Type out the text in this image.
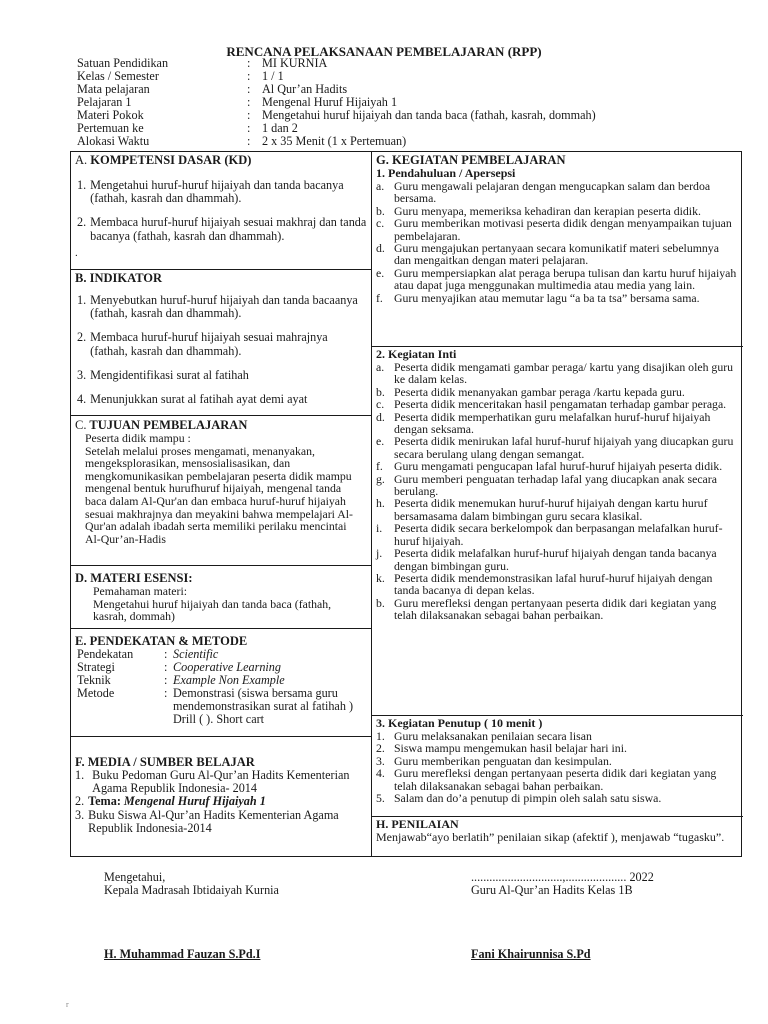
RENCANA PELAKSANAAN PEMBELAJARAN (RPP)
Satuan Pendidikan	: MI KURNIA
Kelas / Semester	: 1 / 1
Mata pelajaran	: Al Qur’an Hadits
Pelajaran 1	: Mengenal Huruf Hijaiyah 1
Materi Pokok	: Mengetahui huruf hijaiyah dan tanda baca (fathah, kasrah, dommah)
Pertemuan ke	: 1 dan 2
Alokasi Waktu	: 2 x 35 Menit (1 x Pertemuan)
A. KOMPETENSI DASAR (KD)
1. Mengetahui huruf-huruf hijaiyah dan tanda bacanya (fathah, kasrah dan dhammah).
2. Membaca huruf-huruf hijaiyah sesuai makhraj dan tanda bacanya (fathah, kasrah dan dhammah).
.
B. INDIKATOR
1. Menyebutkan huruf-huruf hijaiyah dan tanda bacaanya (fathah, kasrah dan dhammah).
2. Membaca huruf-huruf hijaiyah sesuai mahrajnya (fathah, kasrah dan dhammah).
3. Mengidentifikasi surat al fatihah
4. Menunjukkan surat al fatihah ayat demi ayat
C. TUJUAN PEMBELAJARAN
Peserta didik mampu :
Setelah melalui proses mengamati, menanyakan, mengeksplorasikan, mensosialisasikan, dan mengkomunikasikan pembelajaran peserta didik mampu mengenal bentuk hurufhuruf hijaiyah, mengenal tanda baca dalam Al-Qur'an dan embaca huruf-huruf hijaiyah sesuai makhrajnya dan meyakini bahwa mempelajari Al-Qur'an adalah ibadah serta memiliki perilaku mencintai Al-Qur’an-Hadis
D. MATERI ESENSI:
Pemahaman materi:
Mengetahui huruf hijaiyah dan tanda baca (fathah, kasrah, dommah)
E. PENDEKATAN & METODE
Pendekatan	: Scientific
Strategi	: Cooperative Learning
Teknik	: Example Non Example
Metode	: Demonstrasi (siswa bersama guru mendemonstrasikan surat al fatihah ) Drill ( ). Short cart
F. MEDIA / SUMBER BELAJAR
1. Buku Pedoman Guru Al-Qur’an Hadits Kementerian Agama Republik Indonesia- 2014
2. Tema: Mengenal Huruf Hijaiyah 1
3. Buku Siswa Al-Qur’an Hadits Kementerian Agama Republik Indonesia-2014
G. KEGIATAN PEMBELAJARAN
1. Pendahuluan / Apersepsi
a. Guru mengawali pelajaran dengan mengucapkan salam dan berdoa bersama.
b. Guru menyapa, memeriksa kehadiran dan kerapian peserta didik.
c. Guru memberikan motivasi peserta didik dengan menyampaikan tujuan pembelajaran.
d. Guru mengajukan pertanyaan secara komunikatif materi sebelumnya dan mengaitkan dengan materi pelajaran.
e. Guru mempersiapkan alat peraga berupa tulisan dan kartu huruf hijaiyah atau dapat juga menggunakan multimedia atau media yang lain.
f. Guru menyajikan atau memutar lagu “a ba ta tsa” bersama sama.
2. Kegiatan Inti
a. Peserta didik mengamati gambar peraga/ kartu yang disajikan oleh guru ke dalam kelas.
b. Peserta didik menanyakan gambar peraga /kartu kepada guru.
c. Peserta didik menceritakan hasil pengamatan terhadap gambar peraga.
d. Peserta didik memperhatikan guru melafalkan huruf-huruf hijaiyah dengan seksama.
e. Peserta didik menirukan lafal huruf-huruf hijaiyah yang diucapkan guru secara berulang ulang dengan semangat.
f. Guru mengamati pengucapan lafal huruf-huruf hijaiyah peserta didik.
g. Guru memberi penguatan terhadap lafal yang diucapkan anak secara berulang.
h. Peserta didik menemukan huruf-huruf hijaiyah dengan kartu huruf bersamasama dalam bimbingan guru secara klasikal.
i. Peserta didik secara berkelompok dan berpasangan melafalkan huruf-huruf hijaiyah.
j. Peserta didik melafalkan huruf-huruf hijaiyah dengan tanda bacanya dengan bimbingan guru.
k. Peserta didik mendemonstrasikan lafal huruf-huruf hijaiyah dengan tanda bacanya di depan kelas.
b. Guru merefleksi dengan pertanyaan peserta didik dari kegiatan yang telah dilaksanakan sebagai bahan perbaikan.
3. Kegiatan Penutup ( 10 menit )
1. Guru melaksanakan penilaian secara lisan
2. Siswa mampu mengemukan hasil belajar hari ini.
3. Guru memberikan penguatan dan kesimpulan.
4. Guru merefleksi dengan pertanyaan peserta didik dari kegiatan yang telah dilaksanakan sebagai bahan perbaikan.
5. Salam dan do’a penutup di pimpin oleh salah satu siswa.
H. PENILAIAN
Menjawab“ayo berlatih” penilaian sikap (afektif ), menjawab “tugasku”.
Mengetahui,
Kepala Madrasah Ibtidaiyah Kurnia
..............................,.................... 2022
Guru Al-Qur’an Hadits Kelas 1B
H. Muhammad Fauzan S.Pd.I	Fani Khairunnisa S.Pd
r
